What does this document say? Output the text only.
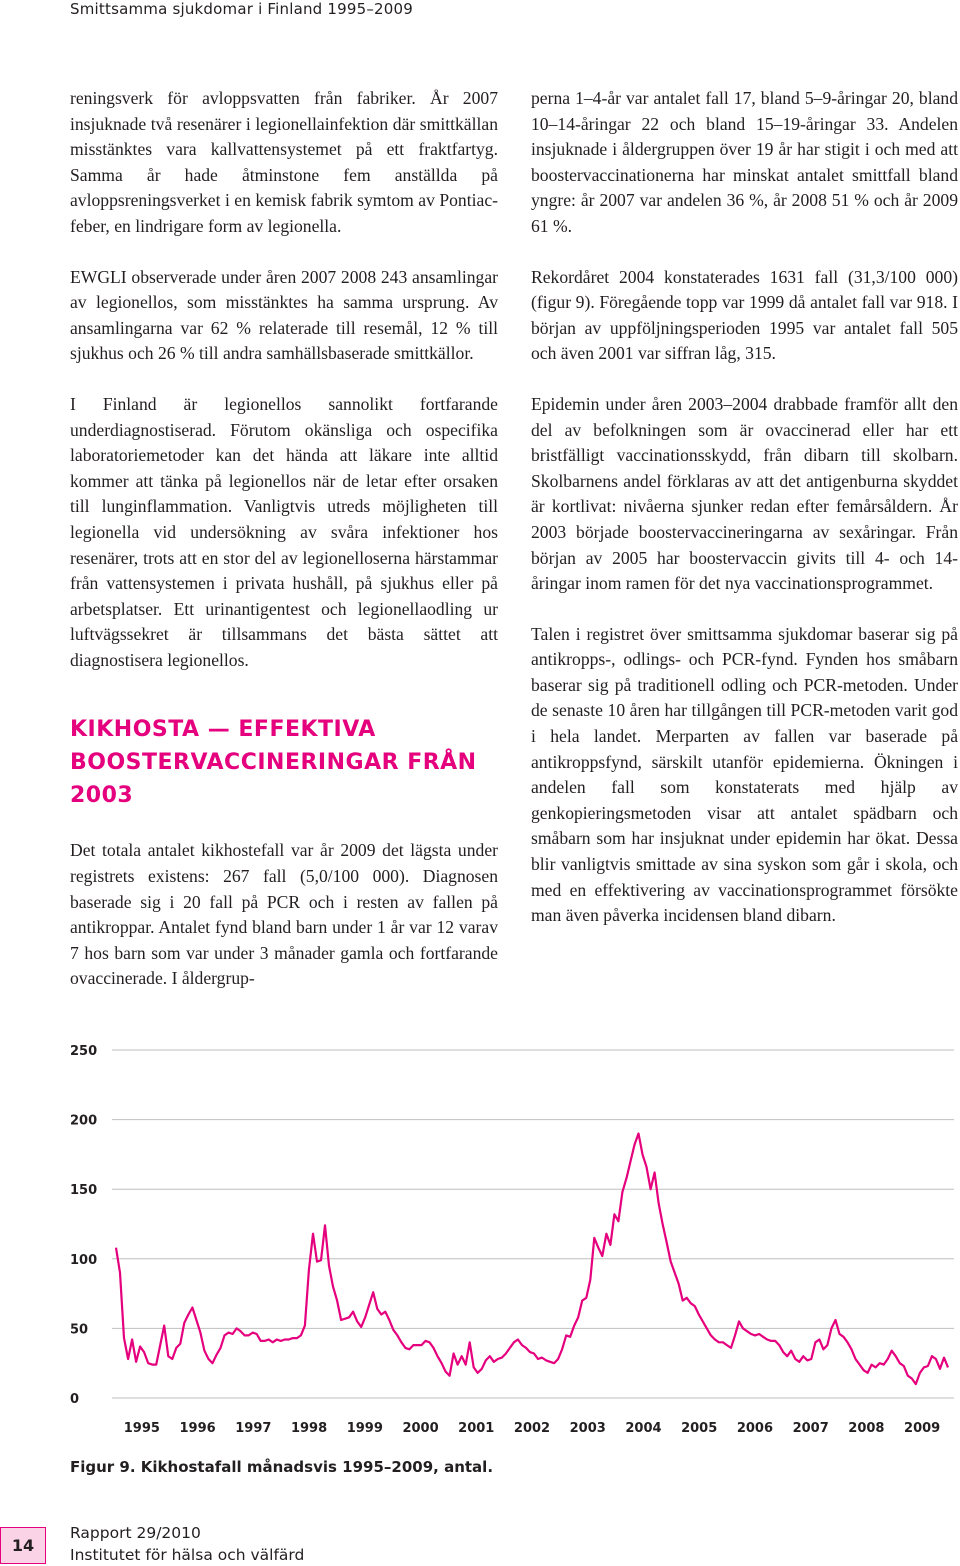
Smittsamma sjukdomar i Finland 1995–2009

reningsverk för avloppsvatten från fabriker. År 2007 insjuknade två resenärer i legionellainfektion där smittkällan misstänktes vara kallvattensystemet på ett fraktfartyg. Samma år hade åtminstone fem anställda på avloppsreningsverket i en kemisk fabrik symtom av Pontiac-feber, en lindrigare form av legionella.

EWGLI observerade under åren 2007 2008 243 ansamlingar av legionellos, som misstänktes ha samma ursprung. Av ansamlingarna var 62 % relaterade till resemål, 12 % till sjukhus och 26 % till andra samhällsbaserade smittkällor.

I Finland är legionellos sannolikt fortfarande underdiagnostiserad. Förutom okänsliga och ospecifika laboratoriemetoder kan det hända att läkare inte alltid kommer att tänka på legionellos när de letar efter orsaken till lunginflammation. Vanligtvis utreds möjligheten till legionella vid undersökning av svåra infektioner hos resenärer, trots att en stor del av legionelloserna härstammar från vattensystemen i privata hushåll, på sjukhus eller på arbetsplatser. Ett urinantigentest och legionellaodling ur luftvägssekret är tillsammans det bästa sättet att diagnostisera legionellos.

KIKHOSTA — EFFEKTIVA BOOSTERVACCINERINGAR FRÅN 2003

Det totala antalet kikhostefall var år 2009 det lägsta under registrets existens: 267 fall (5,0/100 000). Diagnosen baserade sig i 20 fall på PCR och i resten av fallen på antikroppar. Antalet fynd bland barn under 1 år var 12 varav 7 hos barn som var under 3 månader gamla och fortfarande ovaccinerade. I åldergrup-

perna 1–4-år var antalet fall 17, bland 5–9-åringar 20, bland 10–14-åringar 22 och bland 15–19-åringar 33. Andelen insjuknade i åldergruppen över 19 år har stigit i och med att boostervaccinationerna har minskat antalet smittfall bland yngre: år 2007 var andelen 36 %, år 2008 51 % och år 2009 61 %.

Rekordåret 2004 konstaterades 1631 fall (31,3/100 000) (figur 9). Föregående topp var 1999 då antalet fall var 918. I början av uppföljningsperioden 1995 var antalet fall 505 och även 2001 var siffran låg, 315.

Epidemin under åren 2003–2004 drabbade framför allt den del av befolkningen som är ovaccinerad eller har ett bristfälligt vaccinationsskydd, från dibarn till skolbarn. Skolbarnens andel förklaras av att det antigenburna skyddet är kortlivat: nivåerna sjunker redan efter femårsåldern. År 2003 började boostervaccineringarna av sexåringar. Från början av 2005 har boostervaccin givits till 4- och 14-åringar inom ramen för det nya vaccinationsprogrammet.

Talen i registret över smittsamma sjukdomar baserar sig på antikropps-, odlings- och PCR-fynd. Fynden hos småbarn baserar sig på traditionell odling och PCR-metoden. Under de senaste 10 åren har tillgången till PCR-metoden varit god i hela landet. Merparten av fallen var baserade på antikroppsfynd, särskilt utanför epidemierna. Ökningen i andelen fall som konstaterats med hjälp av genkopieringsmetoden visar att antalet spädbarn och småbarn som har insjuknat under epidemin har ökat. Dessa blir vanligtvis smittade av sina syskon som går i skola, och med en effektivering av vaccinationsprogrammet försökte man även påverka incidensen bland dibarn.

250
200
150
100
50
0
1995 1996 1997 1998 1999 2000 2001 2002 2003 2004 2005 2006 2007 2008 2009
Figur 9. Kikhostafall månadsvis 1995–2009, antal.
14
Rapport 29/2010
Institutet för hälsa och välfärd
